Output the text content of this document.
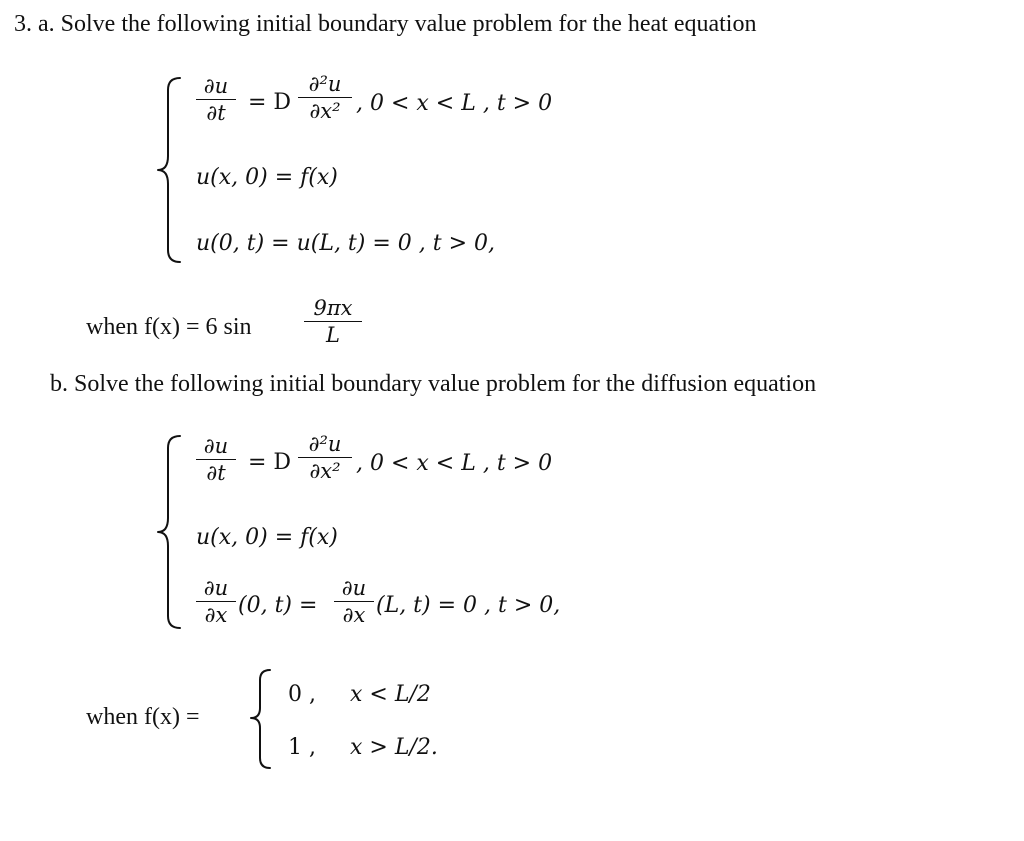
3. a. Solve the following initial boundary value problem for the heat equation
∂u
∂t	= D
∂²u
∂x² , 0 < x < L , t > 0
u(x, 0) = f(x)
u(0, t) = u(L, t) = 0 , t > 0,
when f(x) = 6 sin
9πx
L
b. Solve the following initial boundary value problem for the diffusion equation
∂u
∂t	= D
∂²u
∂x² , 0 < x < L , t > 0
u(x, 0) = f(x)
∂u
∂x (0, t) =
∂u
∂x (L, t) = 0 , t > 0,
when f(x) =
0 , x < L/2
1 , x > L/2.
